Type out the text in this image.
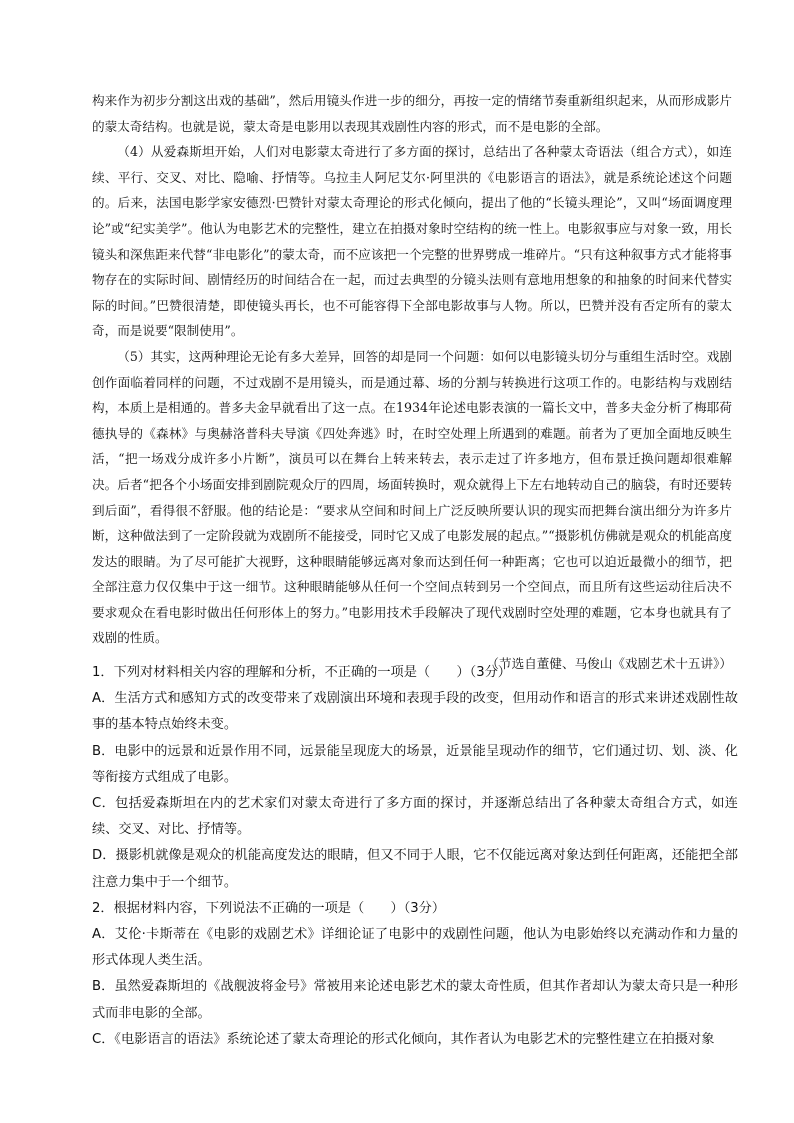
构来作为初步分割这出戏的基础”，然后用镜头作进一步的细分，再按一定的情绪节奏重新组织起来，从而形成影片的蒙太奇结构。也就是说，蒙太奇是电影用以表现其戏剧性内容的形式，而不是电影的全部。

（4）从爱森斯坦开始，人们对电影蒙太奇进行了多方面的探讨，总结出了各种蒙太奇语法（组合方式），如连续、平行、交叉、对比、隐喻、抒情等。乌拉圭人阿尼艾尔·阿里洪的《电影语言的语法》，就是系统论述这个问题的。后来，法国电影学家安德烈·巴赞针对蒙太奇理论的形式化倾向，提出了他的“长镜头理论”，又叫“场面调度理论”或“纪实美学”。他认为电影艺术的完整性，建立在拍摄对象时空结构的统一性上。电影叙事应与对象一致，用长镜头和深焦距来代替“非电影化”的蒙太奇，而不应该把一个完整的世界劈成一堆碎片。“只有这种叙事方式才能将事物存在的实际时间、剧情经历的时间结合在一起，而过去典型的分镜头法则有意地用想象的和抽象的时间来代替实际的时间。”巴赞很清楚，即使镜头再长，也不可能容得下全部电影故事与人物。所以，巴赞并没有否定所有的蒙太奇，而是说要“限制使用”。

（5）其实，这两种理论无论有多大差异，回答的却是同一个问题：如何以电影镜头切分与重组生活时空。戏剧创作面临着同样的问题，不过戏剧不是用镜头，而是通过幕、场的分割与转换进行这项工作的。电影结构与戏剧结构，本质上是相通的。普多夫金早就看出了这一点。在1934年论述电影表演的一篇长文中，普多夫金分析了梅耶荷德执导的《森林》与奥赫洛普科夫导演《四处奔逃》时，在时空处理上所遇到的难题。前者为了更加全面地反映生活，“把一场戏分成许多小片断”，演员可以在舞台上转来转去，表示走过了许多地方，但布景迁换问题却很难解决。后者“把各个小场面安排到剧院观众厅的四周，场面转换时，观众就得上下左右地转动自己的脑袋，有时还要转到后面”，看得很不舒服。他的结论是：“要求从空间和时间上广泛反映所要认识的现实而把舞台演出细分为许多片断，这种做法到了一定阶段就为戏剧所不能接受，同时它又成了电影发展的起点。”“摄影机仿佛就是观众的机能高度发达的眼睛。为了尽可能扩大视野，这种眼睛能够远离对象而达到任何一种距离；它也可以迫近最微小的细节，把全部注意力仅仅集中于这一细节。这种眼睛能够从任何一个空间点转到另一个空间点，而且所有这些运动往后决不要求观众在看电影时做出任何形体上的努力。”电影用技术手段解决了现代戏剧时空处理的难题，它本身也就具有了戏剧的性质。

（节选自董健、马俊山《戏剧艺术十五讲》）

1．下列对材料相关内容的理解和分析，不正确的一项是（　　）（3分）

A．生活方式和感知方式的改变带来了戏剧演出环境和表现手段的改变，但用动作和语言的形式来讲述戏剧性故事的基本特点始终未变。

B．电影中的远景和近景作用不同，远景能呈现庞大的场景，近景能呈现动作的细节，它们通过切、划、淡、化等衔接方式组成了电影。

C．包括爱森斯坦在内的艺术家们对蒙太奇进行了多方面的探讨，并逐渐总结出了各种蒙太奇组合方式，如连续、交叉、对比、抒情等。

D．摄影机就像是观众的机能高度发达的眼睛，但又不同于人眼，它不仅能远离对象达到任何距离，还能把全部注意力集中于一个细节。

2．根据材料内容，下列说法不正确的一项是（　　）（3分）

A．艾伦·卡斯蒂在《电影的戏剧艺术》详细论证了电影中的戏剧性问题，他认为电影始终以充满动作和力量的形式体现人类生活。

B．虽然爱森斯坦的《战舰波将金号》常被用来论述电影艺术的蒙太奇性质，但其作者却认为蒙太奇只是一种形式而非电影的全部。

C．《电影语言的语法》系统论述了蒙太奇理论的形式化倾向，其作者认为电影艺术的完整性建立在拍摄对象
